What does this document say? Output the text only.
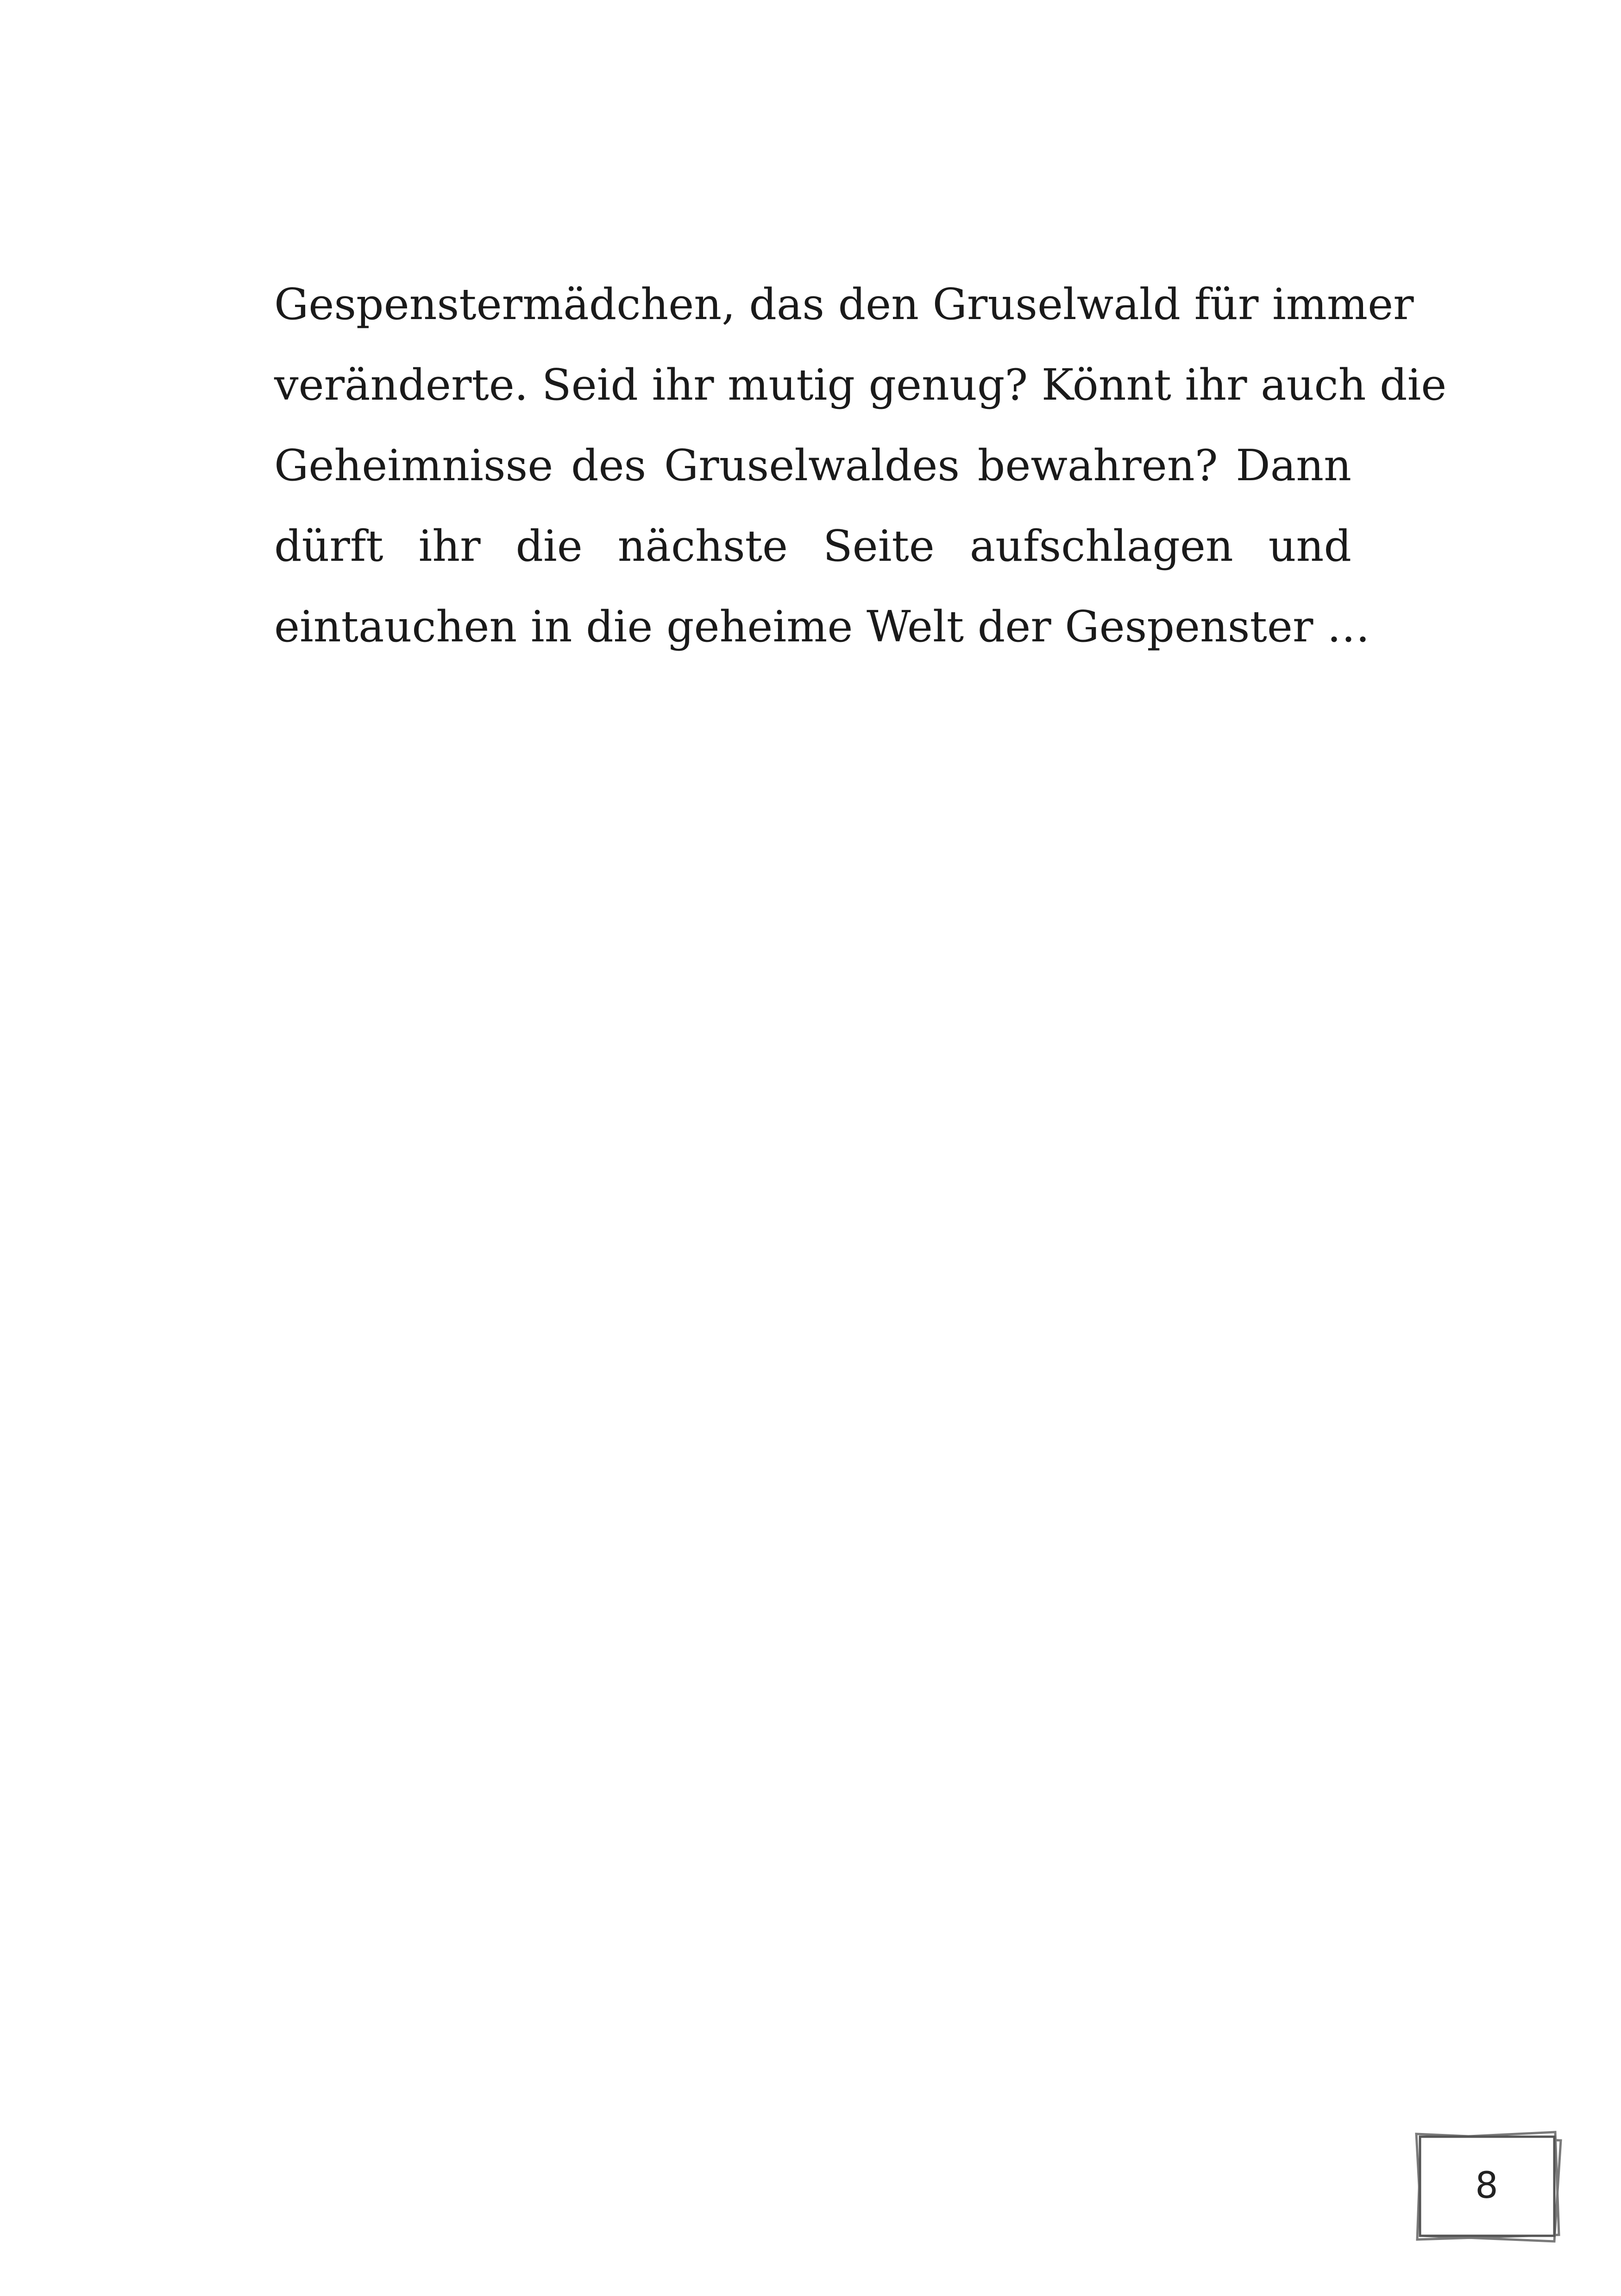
Gespenstermädchen, das den Gruselwald für immer
veränderte. Seid ihr mutig genug? Könnt ihr auch die
Geheimnisse des Gruselwaldes bewahren? Dann
dürft ihr die nächste Seite aufschlagen und
eintauchen in die geheime Welt der Gespenster …
8
